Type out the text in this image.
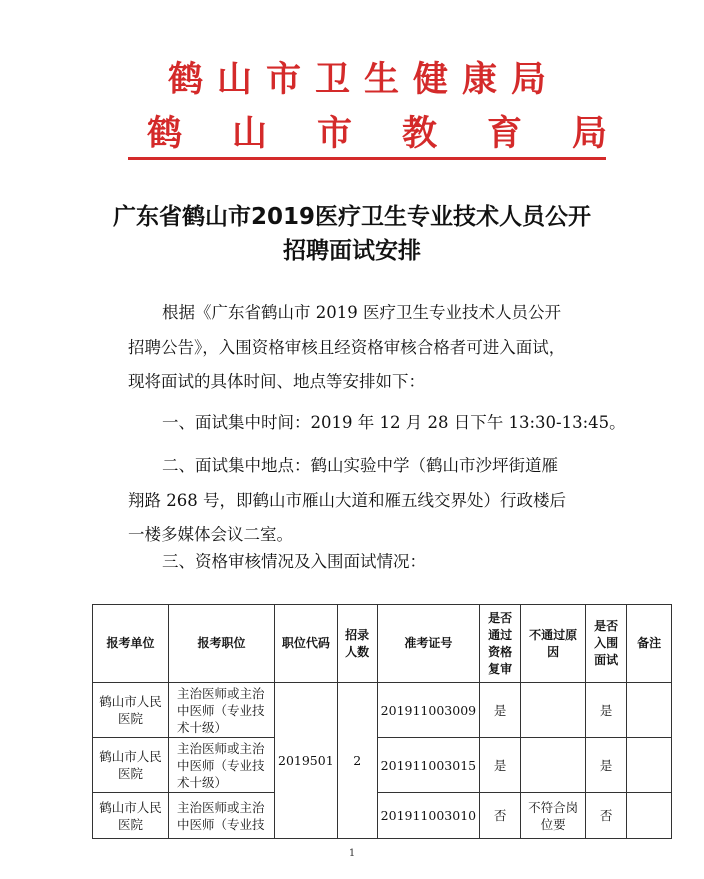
鹤山市卫生健康局
鹤山市教育局
广东省鹤山市2019医疗卫生专业技术人员公开
招聘面试安排
根据《广东省鹤山市 2019 医疗卫生专业技术人员公开
招聘公告》，入围资格审核且经资格审核合格者可进入面试，
现将面试的具体时间、地点等安排如下：
一、面试集中时间：2019 年 12 月 28 日下午 13:30-13:45。
二、面试集中地点：鹤山实验中学（鹤山市沙坪街道雁
翔路 268 号，即鹤山市雁山大道和雁五线交界处）行政楼后
一楼多媒体会议二室。
三、资格审核情况及入围面试情况：
报考单位	报考职位	职位代码	招录人数	准考证号	是否通过资格复审	不通过原因	是否入围面试	备注
鹤山市人民医院	主治医师或主治中医师（专业技术十级）	2019501	2	201911003009	是		是	
鹤山市人民医院	主治医师或主治中医师（专业技术十级）			201911003015	是		是	
鹤山市人民医院	主治医师或主治中医师（专业技			201911003010	否	不符合岗位要	否	
1
